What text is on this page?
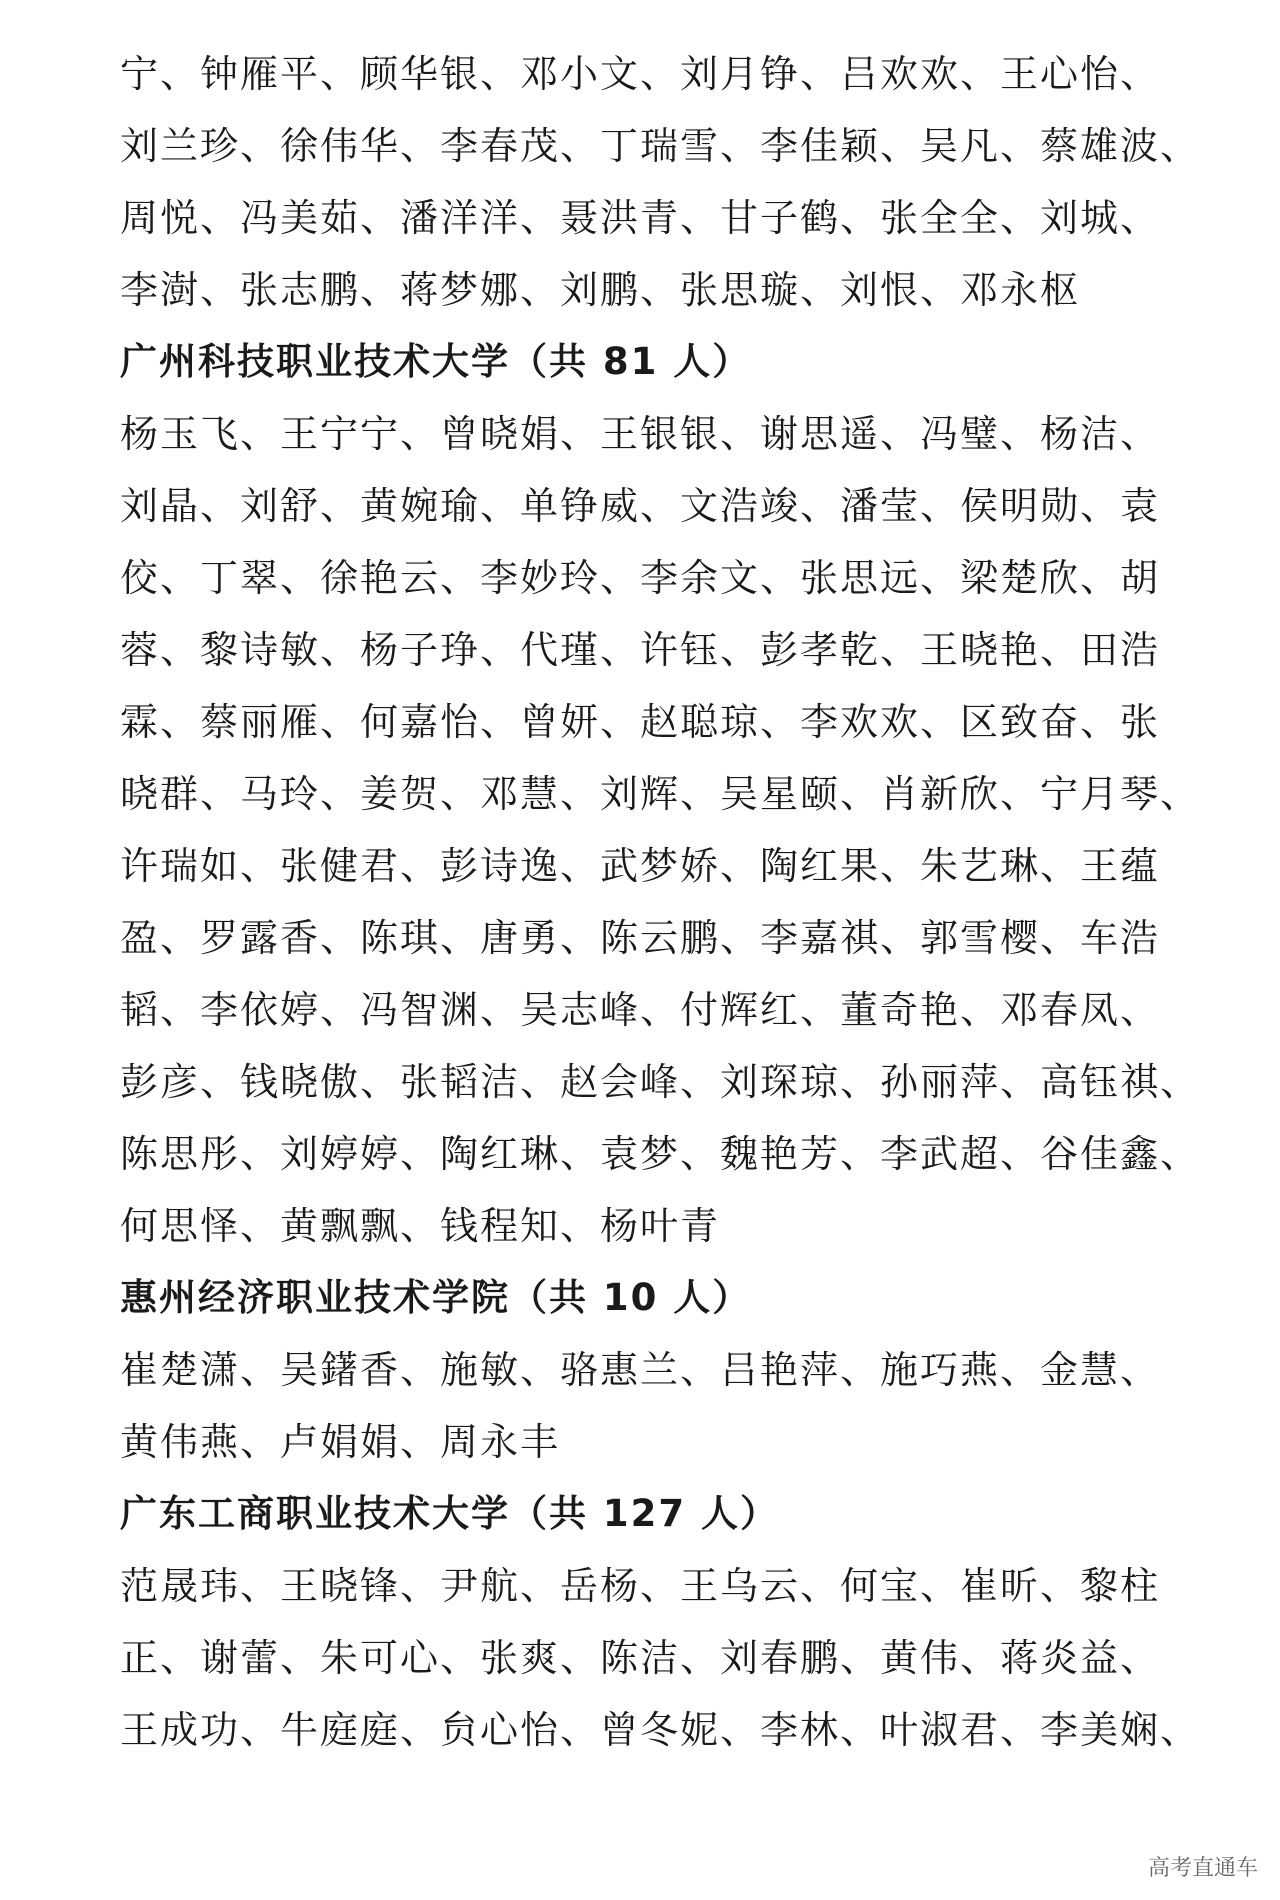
宁、钟雁平、顾华银、邓小文、刘月铮、吕欢欢、王心怡、
刘兰珍、徐伟华、李春茂、丁瑞雪、李佳颖、吴凡、蔡雄波、
周悦、冯美茹、潘洋洋、聂洪青、甘子鹤、张全全、刘城、
李澍、张志鹏、蒋梦娜、刘鹏、张思璇、刘恨、邓永枢
广州科技职业技术大学（共 81 人）
杨玉飞、王宁宁、曾晓娟、王银银、谢思遥、冯璧、杨洁、
刘晶、刘舒、黄婉瑜、单铮威、文浩竣、潘莹、侯明勋、袁
佼、丁翠、徐艳云、李妙玲、李余文、张思远、梁楚欣、胡
蓉、黎诗敏、杨子琤、代瑾、许钰、彭孝乾、王晓艳、田浩
霖、蔡丽雁、何嘉怡、曾妍、赵聪琼、李欢欢、区致奋、张
晓群、马玲、姜贺、邓慧、刘辉、吴星颐、肖新欣、宁月琴、
许瑞如、张健君、彭诗逸、武梦娇、陶红果、朱艺琳、王蕴
盈、罗露香、陈琪、唐勇、陈云鹏、李嘉祺、郭雪樱、车浩
韬、李依婷、冯智渊、吴志峰、付辉红、董奇艳、邓春凤、
彭彦、钱晓傲、张韬洁、赵会峰、刘琛琼、孙丽萍、高钰祺、
陈思彤、刘婷婷、陶红琳、袁梦、魏艳芳、李武超、谷佳鑫、
何思怿、黄飘飘、钱程知、杨叶青
惠州经济职业技术学院（共 10 人）
崔楚潇、吴鐯香、施敏、骆惠兰、吕艳萍、施巧燕、金慧、
黄伟燕、卢娟娟、周永丰
广东工商职业技术大学（共 127 人）
范晟玮、王晓锋、尹航、岳杨、王乌云、何宝、崔昕、黎柱
正、谢蕾、朱可心、张爽、陈洁、刘春鹏、黄伟、蒋炎益、
王成功、牛庭庭、贠心怡、曾冬妮、李林、叶淑君、李美娴、
高考直通车
